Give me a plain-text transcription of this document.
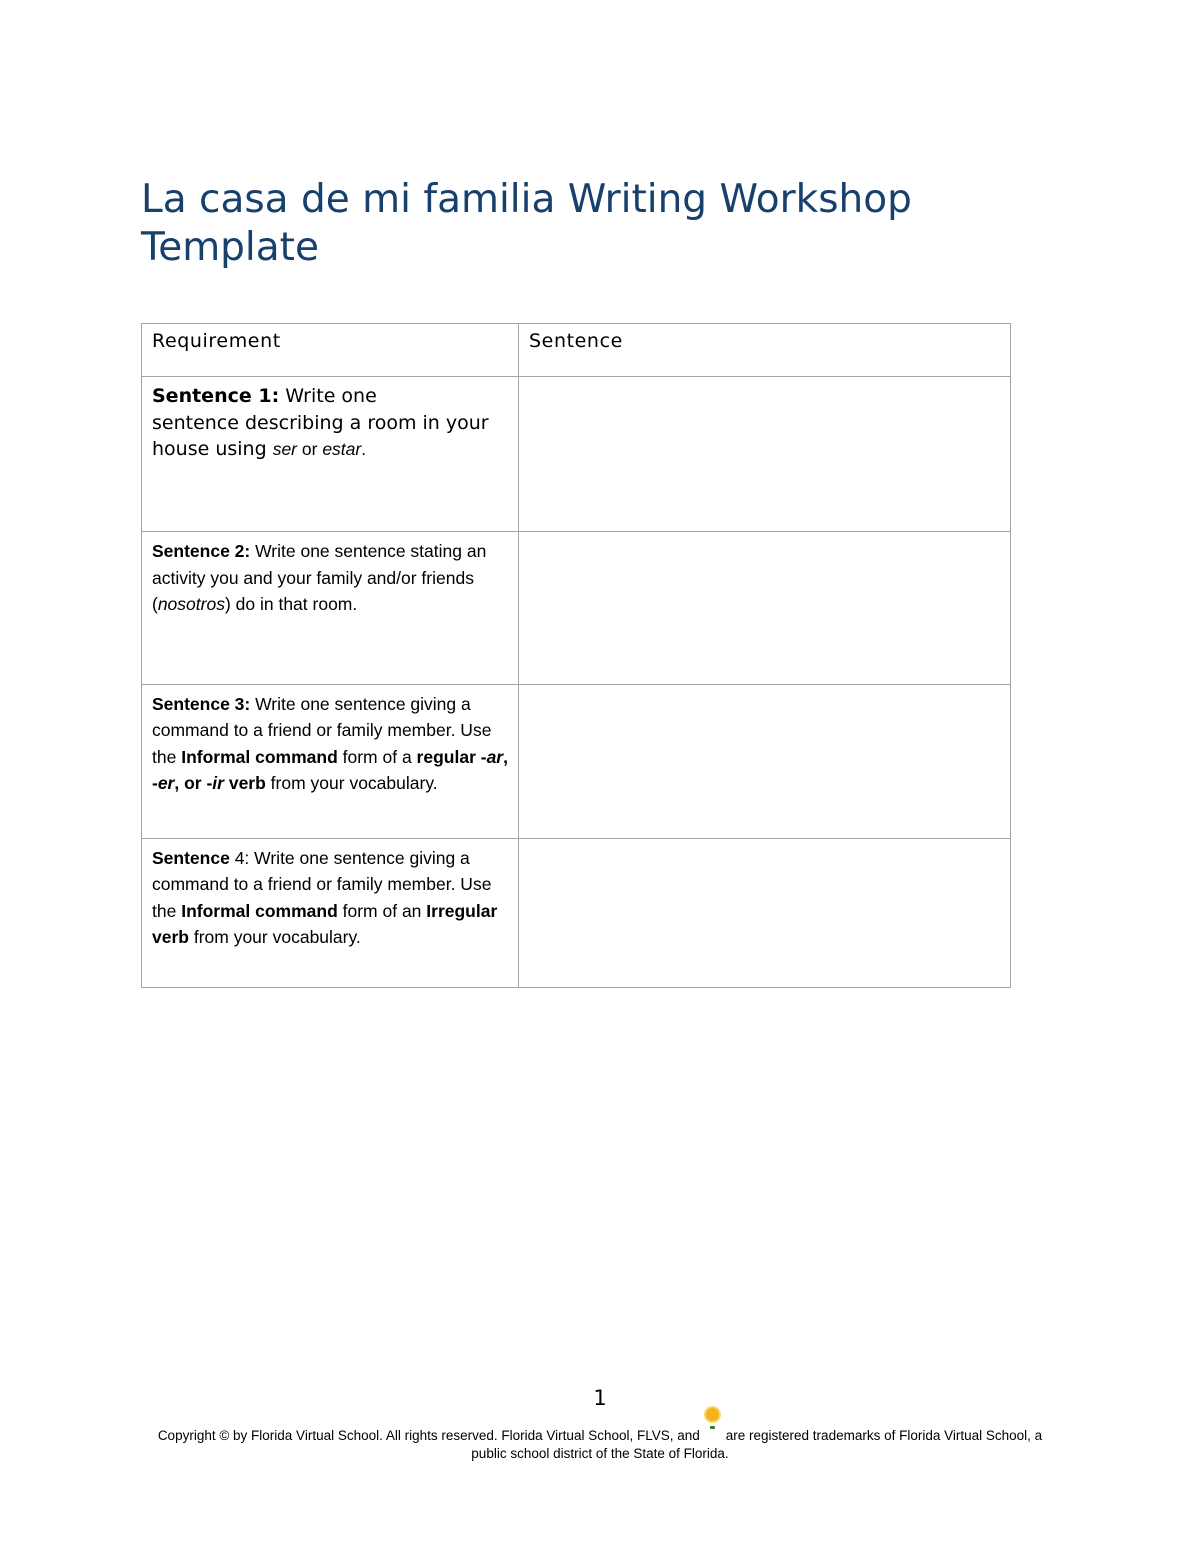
La casa de mi familia Writing Workshop Template
Requirement	Sentence

Sentence 1: Write one
sentence describing a room in your house using ser or estar.	

Sentence 2: Write one sentence stating an activity you and your family and/or friends (nosotros) do in that room.	

Sentence 3: Write one sentence giving a command to a friend or family member. Use the Informal command form of a regular -ar, -er, or -ir verb from your vocabulary.	

Sentence 4: Write one sentence giving a command to a friend or family member. Use the Informal command form of an Irregular verb from your vocabulary.	

1
Copyright © by Florida Virtual School. All rights reserved. Florida Virtual School, FLVS, and are registered trademarks of Florida Virtual School, a public school district of the State of Florida.
